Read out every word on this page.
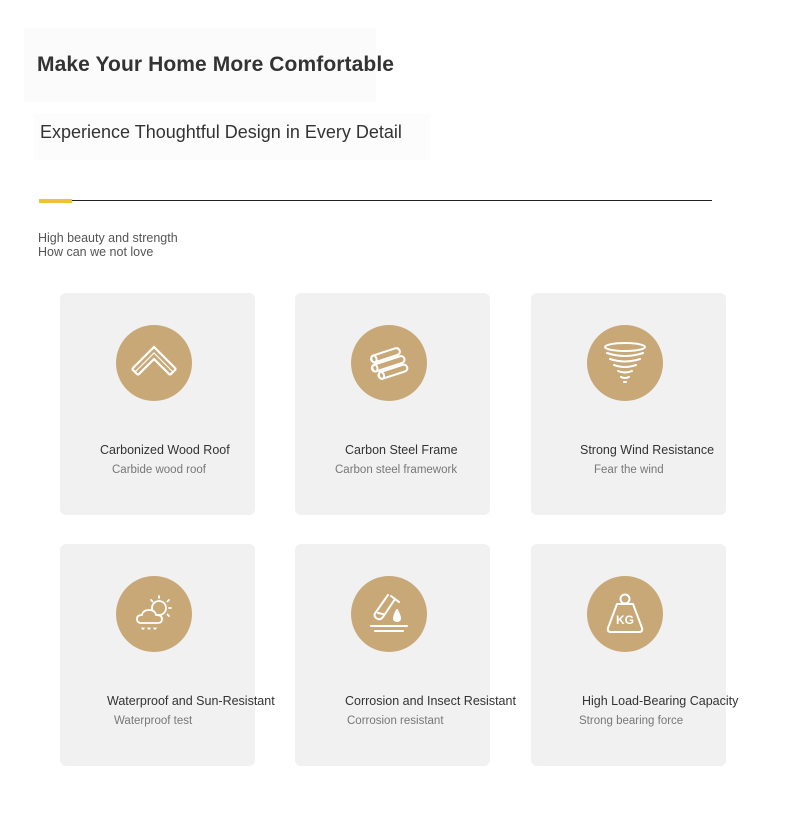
Make Your Home More Comfortable
Experience Thoughtful Design in Every Detail
High beauty and strength
How can we not love
Carbonized Wood Roof
Carbide wood roof
Carbon Steel Frame
Carbon steel framework
Strong Wind Resistance
Fear the wind
Waterproof and Sun-Resistant
Waterproof test
Corrosion and Insect Resistant
Corrosion resistant
KG
High Load-Bearing Capacity
Strong bearing force
